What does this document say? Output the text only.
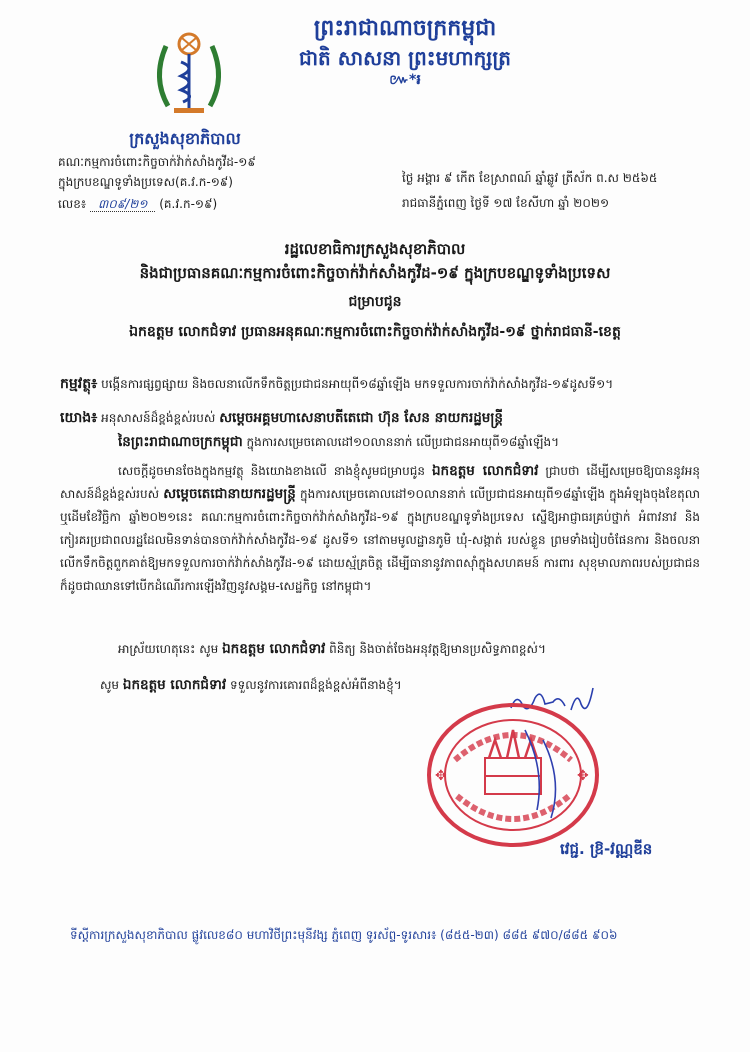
ព្រះរាជាណាចក្រកម្ពុជា
ជាតិ សាសនា ព្រះមហាក្សត្រ
៚*៛
ក្រសួងសុខាភិបាល
គណៈកម្មការចំពោះកិច្ចចាក់វ៉ាក់សាំងកូវីដ-១៩
ក្នុងក្របខណ្ឌទូទាំងប្រទេស(គ.វ.ក-១៩)
លេខ៖ ៣០៩/២១ (គ.វ.ក-១៩)
ថ្ងៃ អង្គារ ៩ កើត ខែស្រាពណ៍ ឆ្នាំឆ្លូវ ត្រីស័ក ព.ស ២៥៦៥
រាជធានីភ្នំពេញ ថ្ងៃទី ១៧ ខែសីហា ឆ្នាំ ២០២១
រដ្ឋលេខាធិការក្រសួងសុខាភិបាល
និងជាប្រធានគណៈកម្មការចំពោះកិច្ចចាក់វ៉ាក់សាំងកូវីដ-១៩ ក្នុងក្របខណ្ឌទូទាំងប្រទេស
ជម្រាបជូន
ឯកឧត្តម លោកជំទាវ ប្រធានអនុគណៈកម្មការចំពោះកិច្ចចាក់វ៉ាក់សាំងកូវីដ-១៩ ថ្នាក់រាជធានី-ខេត្ត
កម្មវត្ថុ៖ បង្កើនការផ្សព្វផ្សាយ និងចលនាលើកទឹកចិត្តប្រជាជនអាយុពី១៨ឆ្នាំឡើង មកទទួលការចាក់វ៉ាក់សាំងកូវីដ-១៩ដូសទី១។
យោង៖ អនុសាសន៍ដ៏ខ្ពង់ខ្ពស់របស់ សម្តេចអគ្គមហាសេនាបតីតេជោ ហ៊ុន សែន នាយករដ្ឋមន្ត្រី
នៃព្រះរាជាណាចក្រកម្ពុជា ក្នុងការសម្រេចគោលដៅ១០លាននាក់ លើប្រជាជនអាយុពី១៨ឆ្នាំឡើង។
សេចក្តីដូចមានចែងក្នុងកម្មវត្ថុ និងយោងខាងលើ នាងខ្ញុំសូមជម្រាបជូន ឯកឧត្តម លោកជំទាវ ជ្រាបថា ដើម្បីសម្រេចឱ្យបាននូវអនុសាសន៍ដ៏ខ្ពង់ខ្ពស់របស់ សម្តេចតេជោនាយករដ្ឋមន្ត្រី ក្នុងការសម្រេចគោលដៅ១០លាននាក់ លើប្រជាជនអាយុពី១៨ឆ្នាំឡើង ក្នុងអំឡុងចុងខែតុលា ឬដើមខែវិច្ឆិកា ឆ្នាំ២០២១នេះ គណៈកម្មការចំពោះកិច្ចចាក់វ៉ាក់សាំងកូវីដ-១៩ ក្នុងក្របខណ្ឌទូទាំងប្រទេស ស្នើឱ្យអាជ្ញាធរគ្រប់ថ្នាក់ អំពាវនាវ និងកៀរគរប្រជាពលរដ្ឋដែលមិនទាន់បានចាក់វ៉ាក់សាំងកូវីដ-១៩ ដូសទី១ នៅតាមមូលដ្ឋានភូមិ ឃុំ-សង្កាត់ របស់ខ្លួន ព្រមទាំងរៀបចំផែនការ និងចលនាលើកទឹកចិត្តពួកគាត់ឱ្យមកទទួលការចាក់វ៉ាក់សាំងកូវីដ-១៩ ដោយស្ម័គ្រចិត្ត ដើម្បីធានានូវភាពស៊ាំក្នុងសហគមន៍ ការពារ សុខុមាលភាពរបស់ប្រជាជន ក៏ដូចជាឈានទៅបើកដំណើរការឡើងវិញនូវសង្គម-សេដ្ឋកិច្ច នៅកម្ពុជា។
អាស្រ័យហេតុនេះ សូម ឯកឧត្តម លោកជំទាវ ពិនិត្យ និងចាត់ចែងអនុវត្តឱ្យមានប្រសិទ្ធភាពខ្ពស់។
សូម ឯកឧត្តម លោកជំទាវ ទទួលនូវការគោរពដ៏ខ្ពង់ខ្ពស់អំពីនាងខ្ញុំ។
✥	✥
វេជ្ជ. ឱ្រ-វណ្ណឌីន
ទីស្តីការក្រសួងសុខាភិបាល ផ្លូវលេខ៨០ មហាវិថីព្រះមុនីវង្ស ភ្នំពេញ ទូរស័ព្ទ-ទូរសារ៖ (៨៥៥-២៣) ៨៨៥ ៩៧០/៨៨៥ ៩០៦
